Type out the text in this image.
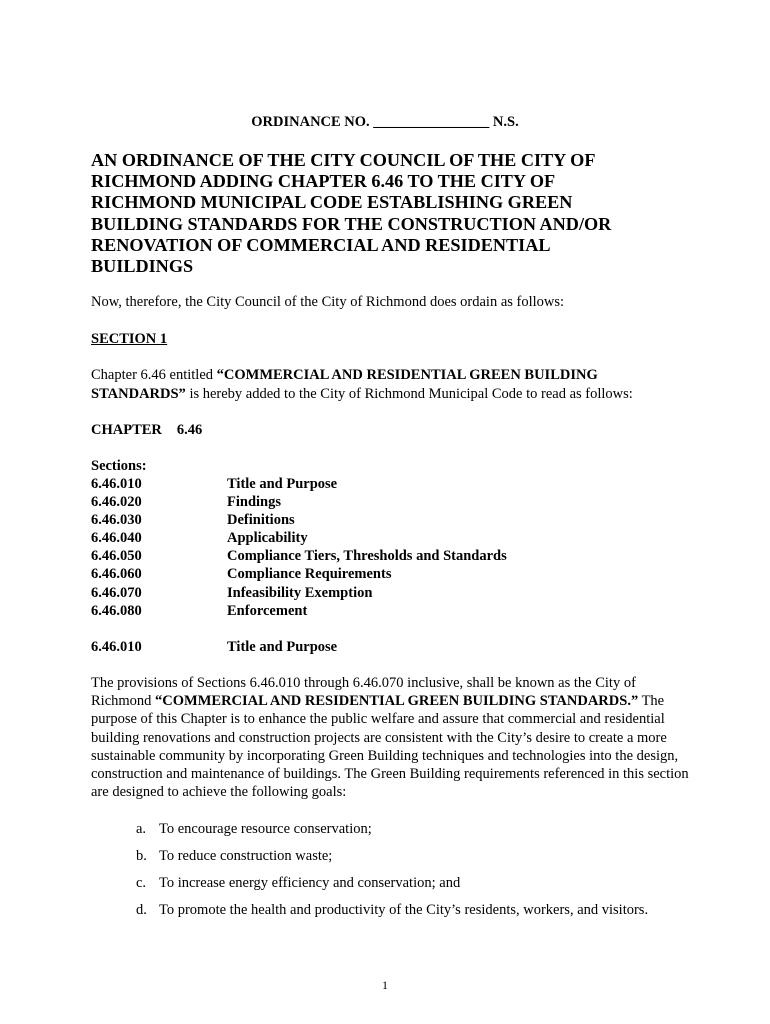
ORDINANCE NO. ________________ N.S.
AN ORDINANCE OF THE CITY COUNCIL OF THE CITY OF RICHMOND ADDING CHAPTER 6.46 TO THE CITY OF RICHMOND MUNICIPAL CODE ESTABLISHING GREEN BUILDING STANDARDS FOR THE CONSTRUCTION AND/OR RENOVATION OF COMMERCIAL AND RESIDENTIAL BUILDINGS

Now, therefore, the City Council of the City of Richmond does ordain as follows:

SECTION 1

Chapter 6.46 entitled “COMMERCIAL AND RESIDENTIAL GREEN BUILDING STANDARDS” is hereby added to the City of Richmond Municipal Code to read as follows:

CHAPTER 6.46

Sections:

6.46.010	Title and Purpose
6.46.020	Findings
6.46.030	Definitions
6.46.040	Applicability
6.46.050	Compliance Tiers, Thresholds and Standards
6.46.060	Compliance Requirements
6.46.070	Infeasibility Exemption
6.46.080	Enforcement

6.46.010	Title and Purpose

The provisions of Sections 6.46.010 through 6.46.070 inclusive, shall be known as the City of Richmond “COMMERCIAL AND RESIDENTIAL GREEN BUILDING STANDARDS.” The purpose of this Chapter is to enhance the public welfare and assure that commercial and residential building renovations and construction projects are consistent with the City’s desire to create a more sustainable community by incorporating Green Building techniques and technologies into the design, construction and maintenance of buildings. The Green Building requirements referenced in this section are designed to achieve the following goals:

a. To encourage resource conservation;
b. To reduce construction waste;
c. To increase energy efficiency and conservation; and
d. To promote the health and productivity of the City’s residents, workers, and visitors.
1
